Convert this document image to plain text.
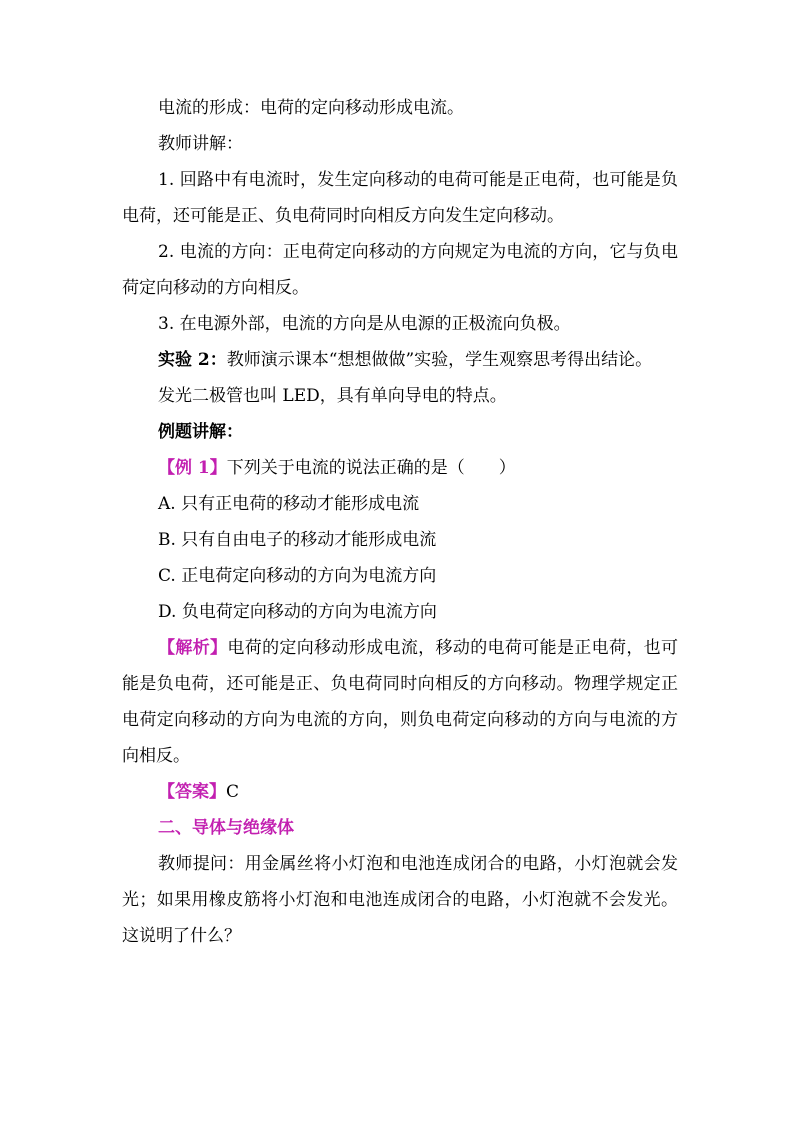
电流的形成：电荷的定向移动形成电流。

教师讲解：

1. 回路中有电流时，发生定向移动的电荷可能是正电荷，也可能是负电荷，还可能是正、负电荷同时向相反方向发生定向移动。

2. 电流的方向：正电荷定向移动的方向规定为电流的方向，它与负电荷定向移动的方向相反。

3. 在电源外部，电流的方向是从电源的正极流向负极。

实验 2：教师演示课本“想想做做”实验，学生观察思考得出结论。

发光二极管也叫 LED，具有单向导电的特点。

例题讲解：

【例 1】下列关于电流的说法正确的是（　　）

A. 只有正电荷的移动才能形成电流

B. 只有自由电子的移动才能形成电流

C. 正电荷定向移动的方向为电流方向

D. 负电荷定向移动的方向为电流方向

【解析】电荷的定向移动形成电流，移动的电荷可能是正电荷，也可能是负电荷，还可能是正、负电荷同时向相反的方向移动。物理学规定正电荷定向移动的方向为电流的方向，则负电荷定向移动的方向与电流的方向相反。

【答案】C

二、导体与绝缘体

教师提问：用金属丝将小灯泡和电池连成闭合的电路，小灯泡就会发光；如果用橡皮筋将小灯泡和电池连成闭合的电路，小灯泡就不会发光。这说明了什么？
